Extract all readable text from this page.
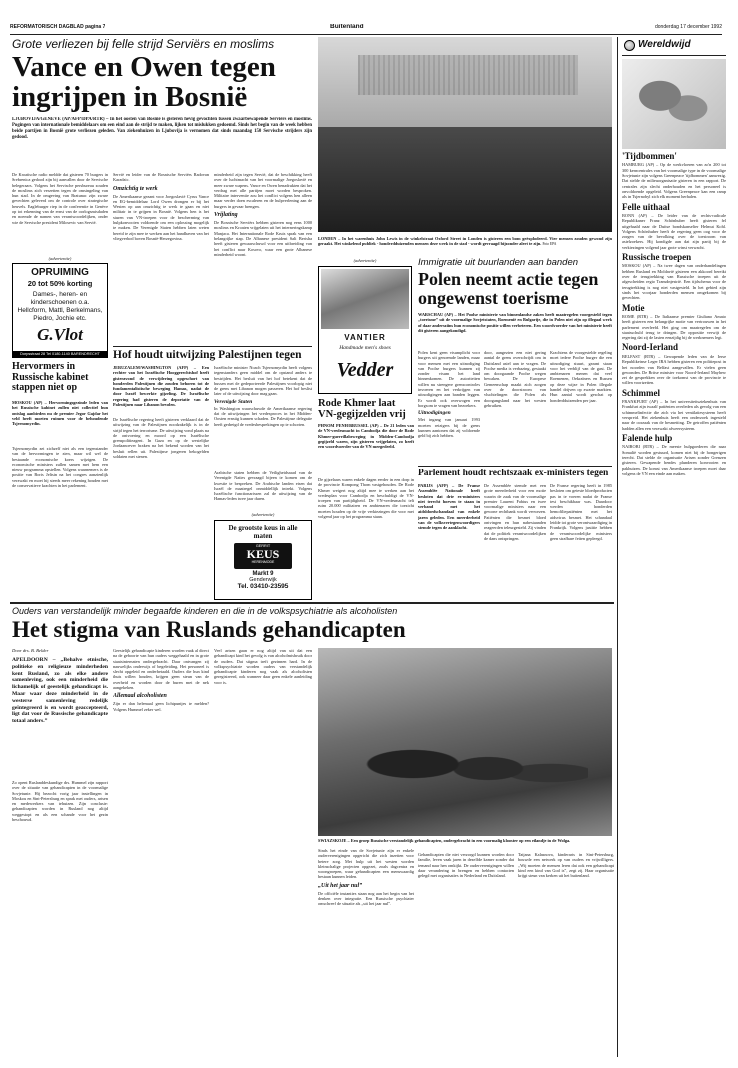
REFORMATORISCH DAGBLAD pagina 7	Buitenland	donderdag 17 december 1992
Grote verliezen bij felle strijd Serviërs en moslims
Vance en Owen tegen
ingrijpen in Bosnië
LJUBOVIJA/GENÈVE (AP/AFP/DPA/RTR) – In het oosten van Bosnië is gisteren hevig gevochten tussen zwaarbewapende Serviërs en moslims. Pogingen van internationale bemiddelaars om een eind aan de strijd te maken, lijken tot mislukken gedoemd. Sinds het begin van de week hebben beide partijen in Bosnië grote verliezen geleden. Van ziekenhuizen in Ljubovija is vernomen dat sinds maandag 150 Servische strijders zijn gedood.
De Kroatische radio meldde dat gisteren 70 burgers in Srebrenica gedood zijn bij aanvallen door de Servische belegeraars. Volgens het Servische persbureau zouden de moslims zich verzetten tegen de omsingeling van hun stad. In de omgeving van Bratunac zijn zware gevechten geleverd om de controle over strategische heuvels. Eagleburger riep in de conferentie in Genève op tot erkenning van de ernst van de oorlogsmisdaden en noemde de namen van verantwoordelijken, onder wie de Servische president Milosevic van Servië.
Servië en leider van de Bosnische Serviërs Radovan Karadzic.
Omzichtig te werk
De Amerikaanse gezant voor Joegoslavië Cyrus Vance en EG-bemiddelaar Lord Owen drongen er bij het Westen op aan omzichtig te werk te gaan en niet militair in te grijpen in Bosnië. Volgens hen is het sturen van VN-troepen voor de bescherming van hulpkonvooien voldoende om een oplossing mogelijk te maken. De Verenigde Staten hebben laten weten bereid te zijn mee te werken aan het handhaven van het vliegverbod boven Bosnië-Herzegovina.
minderheid zijn tegen Servië, dat de beschikking heeft over de luchtmacht van het voormalige Joegoslavië en meer zware wapens. Vance en Owen benadrukten dat het verdrag met alle partijen moet worden besproken. Militaire interventie zou het conflict volgens hen alleen maar verder doen escaleren en de hulpverlening aan de burgers in gevaar brengen.
Vrijlating
De Bosnische Serviërs hebben gisteren nog eens 1000 moslims en Kroaten vrijgelaten uit het interneringskamp Manjaca. Het Internationale Rode Kruis sprak van een belangrijke stap. De Albanese president Sali Berisha heeft gisteren gewaarschuwd voor een uitbreiding van het conflict naar Kosovo, waar een grote Albanese minderheid woont.
(advertentie)
OPRUIMING
20 tot 50% korting
Dames-, heren- en kinderschoenen o.a. Hellcform, Mattl, Berkelmans, Piedro, Jochie etc.
G.Vlot
Dorpsstraat 28 Tel 0180-1140 BARENDRECHT
Hervormers in Russische kabinet stappen niet op
MOSKOU (AP) – Hervormingsgezinde leden van het Russische kabinet zullen niet collectief hun ontslag aanbieden nu de premier Jegor Gajdar het veld heeft moeten ruimen voor de behoudende Tsjernomyrdin.
Tsjernomyrdin zei zichzelf niet als een tegenstander van de hervormingen te zien, maar wil wel de bestaande economische koers wijzigen. De economische ministers zullen samen met hem een nieuw programma opstellen. Volgens waarnemers is de positie van Boris Jeltsin na het congres aanzienlijk verzwakt en moet hij steeds meer rekening houden met de conservatieve krachten in het parlement.
Hof houdt uitwijzing Palestijnen tegen
JERUZALEM/WASHINGTON (AFP) – Een rechter van het Israëlische Hooggerechtshof heeft gisteravond de verwijdering opgeschort van honderden Palestijnen die zouden behoren tot de fundamentalistische beweging Hamas, nadat de door Israël bewerkte gijzeling. De Israëlische regering had gisteren de deportatie van de Palestijnen naar Libanon bevolen.
De Israëlische regering heeft gisteren verklaard dat de uitwijzing van de Palestijnen noodzakelijk is in de strijd tegen het terrorisme. De uitwijzing vond plaats na de ontvoering en moord op een Israëlische grenspolitieagent. In Gaza en op de westelijke Jordaanoever braken na het bekend worden van het besluit rellen uit. Palestijnse jongeren bekogelden soldaten met stenen.
Israëlische minister Noach Tsjernomyrdin heeft volgens tegenstanders geen middel om de opstand anders te bestrijden. Het besluit van het hof betekent dat de bussen met de gedeporteerde Palestijnen voorlopig niet de grens met Libanon mogen passeren. Het hof beslist later of de uitwijzing door mag gaan.
Verenigde Staten
In Washington waarschuwde de Amerikaanse regering dat de uitwijzingen het vredesproces in het Midden-Oosten ernstig kunnen schaden. De Palestijnse delegatie heeft gedreigd de vredesbesprekingen op te schorten.
Arabische staten hebben de Veiligheidsraad van de Verenigde Naties gevraagd bijeen te komen om de kwestie te bespreken. De Arabische landen eisen dat Israël de maatregel onmiddellijk intrekt. Volgens Israëlische functionarissen zal de uitwijzing van de Hamas-leden twee jaar duren.
LONDEN – In het warenhuis John Lewis in de winkelstraat Oxford Street in Londen is gisteren een bom geëxplodeerd. Vier mensen zouden gewond zijn geraakt. Het winkelend publiek - honderdduizenden mensen deze week in de stad - wordt gevraagd bijzonder alert te zijn. Foto EPA
(advertentie)
VANTIER
Handmade men's shoes
Vedder
Rode Khmer laat VN-gegijzelden vrij
PHNOM PENH/BRUSSEL (AP) – De 21 leden van de VN-vredesmacht in Cambodja die door de Rode Khmer-guerrillabeweging in Midden-Cambodja gegijzeld waren, zijn gisteren vrijgelaten, zo heeft een woordvoerder van de VN meegedeeld.
De gijzelaars waren enkele dagen eerder in een dorp in de provincie Kompong Thom vastgehouden. De Rode Khmer weigert nog altijd mee te werken aan het vredesplan voor Cambodja en beschuldigt de VN-troepen van partijdigheid. De VN-vredesmacht telt ruim 20.000 militairen en ambtenaren die toezicht moeten houden op de vrije verkiezingen die voor mei volgend jaar op het programma staan.
Immigratie uit buurlanden aan banden
Polen neemt actie tegen
ongewenst toerisme
WARSCHAU (AP) – Het Poolse ministerie van binnenlandse zaken heeft maatregelen voorgesteld tegen „toerisme” uit de voormalige Sovjetstaten, Roemenië en Bulgarije, die in Polen niet zijn op illegaal werk of daar andersziins hun economische positie willen verbeteren. Een woordvoerder van het ministerie heeft dit gisteren aangekondigd.
Polen kent geen visumplicht voor burgers uit genoemde landen, maar voor mensen met een uitnodiging van Poolse burgers kunnen zij zonder visum het land binnenkomen. De autoriteiten willen nu strengere grenscontroles invoeren en het verkrijgen van uitnodigingen aan banden leggen. Er wordt ook overwogen een borgsom te vragen van bezoekers.
Uitnodigingen
Met ingang van januari 1993 moeten reizigers bij de grens kunnen aantonen dat zij voldoende geld bij zich hebben.
door, aangezien een niet gering aantal de grens overschrijdt om in Duitsland asiel aan te vragen. De Poolse media is verbazing, gestaakt om doorgaande Poolse wegen bewaken. De Europese Gemeenschap maakt zich zorgen over de doorstroom van vluchtelingen die Polen als doorgangsland naar het westen gebruiken.
Krachtens de voorgestelde regeling moet iedere Poolse burger die een uitnodiging stuurt, garant staan voor het verblijf van de gast. De ambtenaren menen dat veel Roemenen, Oekraïners en Russen op deze wijze in Polen illegale handel drijven op zwarte markten. Hun aantal wordt geschat op honderdduizenden per jaar.
Parlement houdt rechtszaak ex-ministers tegen
PARIJS (AFP) – De Franse Assemblée Nationale heeft besloten dat drie ex-ministers niet terecht hoeven te staan in verband met het aidsbloedschandaal van enkele jaren geleden. Een meerderheid van de volksvertegenwoordigers stemde tegen de aanklacht.
De Assemblée stemde met een grote meerderheid voor een motie waarin de zaak van de voormalige premier Laurent Fabius en twee voormalige ministers naar een gewone rechtbank wordt verwezen. Patiënten die besmet bloed ontvingen en hun nabestaanden reageerden teleurgesteld. Zij vinden dat de politiek verantwoordelijken de dans ontspringen.
De Franse regering heeft in 1985 besloten om geteste bloedproducten pas in te voeren nadat de Franse test beschikbaar was. Daardoor werden honderden hemofiliepatiënten met het aidsvirus besmet. Het schandaal leidde tot grote verontwaardiging in Frankrijk. Volgens justitie hebben de verantwoordelijke ministers geen strafbare feiten gepleegd.
(advertentie)
De grootste keus in alle maten
GERRIT
KEUS
HERENMODE
Markt 9
Genderwijk
Tel. 03410-23595
Ouders van verstandelijk minder begaafde kinderen en die in de volkspsychiatrie als alcoholisten
Het stigma van Ruslands gehandicapten
Door drs. B. Belder
APELDOORN – „Behalve etnische, politieke en religieuze minderheden kent Rusland, zo als elke andere samenleving, ook een minderheid die lichamelijk of geestelijk gehandicapt is. Maar waar deze minderheid in de westerse samenleving redelijk geïntegreerd is en wordt geaccepteerd, ligt dat voor de Russische gehandicapte totaal anders.”
Zo opent Ruslanddeskundige drs. Hummel zijn rapport over de situatie van gehandicapten in de voormalige Sovjetunie. Hij bezocht vorig jaar instellingen in Moskou en Sint-Petersburg en sprak met ouders, artsen en medewerkers van tehuizen. Zijn conclusie: gehandicapten worden in Rusland nog altijd weggestopt en als een schande voor het gezin beschouwd.
Geestelijk gehandicapte kinderen worden vaak al direct na de geboorte van hun ouders weggehaald en in grote staatsinternaten ondergebracht. Daar ontvangen zij nauwelijks onderwijs of begeleiding. Het personeel is slecht opgeleid en onderbetaald. Ouders die hun kind thuis willen houden, krijgen geen steun van de overheid en worden door de buren met de nek aangekeken.
Allemaal alcoholisten
Zijn er dan helemaal geen lichtpuntjes te melden? Volgens Hummel zeker wel.
Veel artsen gaan er nog altijd van uit dat een gehandicapt kind het gevolg is van alcoholmisbruik door de ouders. Dat stigma treft gezinnen hard. In de volkspsychiatrie worden ouders van verstandelijk gehandicapte kinderen nog vaak als alcoholisten geregistreerd, ook wanneer daar geen enkele aanleiding voor is.
Sinds het einde van de Sovjetunie zijn er enkele ouderverenigingen opgericht die zich inzetten voor betere zorg. Met hulp uit het westen worden kleinschalige projecten opgezet, zoals dagcentra en woongroepen, waar gehandicapten een menswaardig bestaan kunnen leiden.
„Uit het jaar nul”
De officiële instanties staan nog aan het begin van het denken over integratie. Een Russische psychiater omschreef de situatie als „uit het jaar nul”.
SWIAZSKOJE – Een groep Russische verstandelijk gehandicapten, ondergebracht in een voormalig klooster op een eilandje in de Wolga.
Gehandicapten die niet verzorgd kunnen worden door familie, leven vaak jaren in dezelfde kamer zonder dat iemand naar hen omkijkt. De ouderverenigingen willen daar verandering in brengen en hebben contacten gelegd met organisaties in Nederland en Duitsland.
Tatjana Kalasnova, kinderarts in Sint-Petersburg, bouwde een netwerk op van ouders en vrijwilligers. ,,Wij moeten de mensen leren dat ook een gehandicapt kind een kind van God is”, zegt zij. Haar organisatie krijgt steun van kerken uit het buitenland.
Wereldwijd
'Tijdbommen'
HAMBURG (AP) – Op de werkvloeren van zo'n 200 tot 300 kerncentrales van het voormalige type in de voormalige Sovjetunie zijn volgens Greenpeace 'tijdbommen' aanwezig. Dat stelde de milieuorganisatie gisteren in een rapport. De centrales zijn slecht onderhouden en het personeel is onvoldoende opgeleid. Volgens Greenpeace kan een ramp als in Tsjernobyl zich elk moment herhalen.
Felle uithaal
BONN (AP) – De leider van de rechts-radicale Republikaner Franz Schönhuber heeft gisteren fel uitgehaald naar de Duitse bondskanselier Helmut Kohl. Volgens Schönhuber heeft de regering geen oog voor de zorgen van de bevolking over de toestroom van asielzoekers. Hij kondigde aan dat zijn partij bij de verkiezingen volgend jaar grote winst verwacht.
Russische troepen
MOSKOU (AP) – Na twee dagen van onderhandelingen hebben Rusland en Moldavië gisteren een akkoord bereikt over de terugtrekking van Russische troepen uit de afgescheiden regio Transdnjestrië. Een tijdschema voor de terugtrekking is nog niet vastgesteld. In het gebied zijn sinds het voorjaar honderden mensen omgekomen bij gevechten.
Motie
ROME (RTR) – De Italiaanse premier Giuliano Amato heeft gisteren een belangrijke motie van vertrouwen in het parlement overleefd. Het ging om maatregelen om de staatsschuld terug te dringen. De oppositie verwijt de regering dat zij de lasten eenzijdig bij de werknemers legt.
Noord-Ierland
BELFAST (RTR) – Gewapende leden van de Ierse Republikeinse Leger IRA hebben gisteren een politiepost in het noorden van Belfast aangevallen. Er vielen geen gewonden. De Britse minister voor Noord-Ierland Mayhew zei de gesprekken over de toekomst van de provincie te willen voortzetten.
Schimmel
FRANKFURT (AP) – In het universiteitsziekenhuis van Frankfurt zijn twaalf patiënten overleden als gevolg van een schimmelinfectie die zich via het ventilatiesysteem heeft verspreid. Het ziekenhuis heeft een onderzoek ingesteld naar de oorzaak van de besmetting. De getroffen patiënten hadden allen een verzwakt afweersysteem.
Falende hulp
NAIROBI (RTR) – De meeste hulpgoederen die naar Somalië worden gestuurd, komen niet bij de hongerigen terecht. Dat stelde de organisatie Artsen zonder Grenzen gisteren. Gewapende bendes plunderen konvooien en pakhuizen. De komst van Amerikaanse troepen moet daar volgens de VN een einde aan maken.
